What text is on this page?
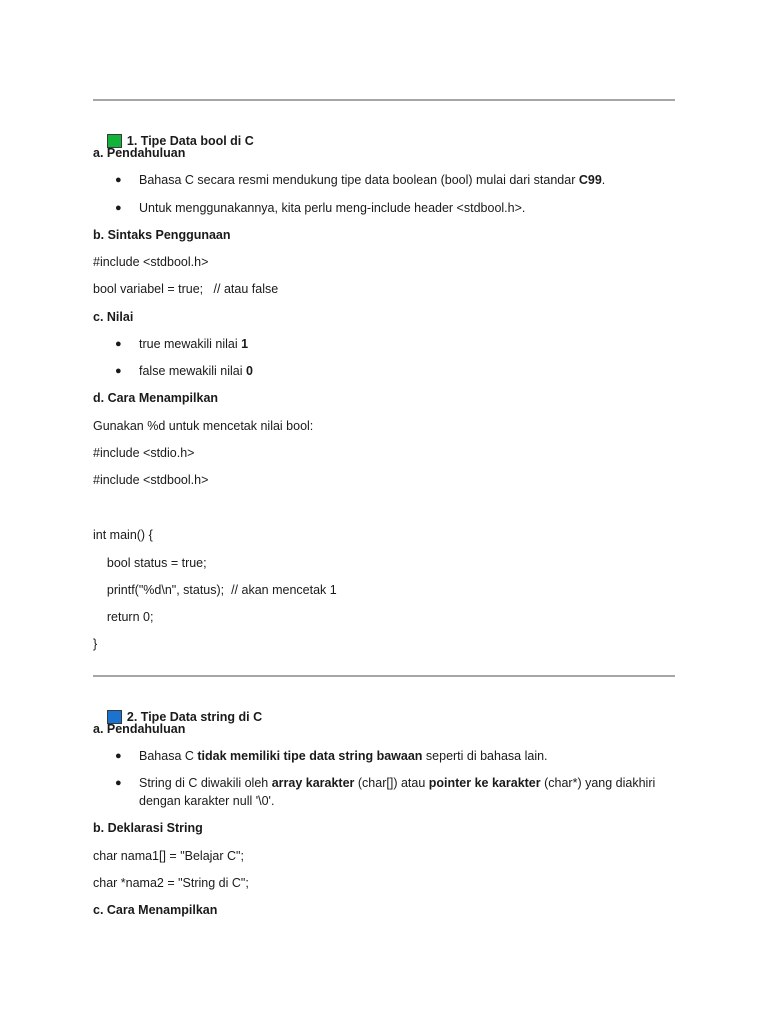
1. Tipe Data bool di C

a. Pendahuluan
● Bahasa C secara resmi mendukung tipe data boolean (bool) mulai dari standar C99.
● Untuk menggunakannya, kita perlu meng-include header <stdbool.h>.
b. Sintaks Penggunaan
#include <stdbool.h>
bool variabel = true;   // atau false
c. Nilai
● true mewakili nilai 1
● false mewakili nilai 0
d. Cara Menampilkan
Gunakan %d untuk mencetak nilai bool:
#include <stdio.h>
#include <stdbool.h>
int main() {
bool status = true;
printf("%d\n", status);  // akan mencetak 1
return 0;
}

2. Tipe Data string di C

a. Pendahuluan
● Bahasa C tidak memiliki tipe data string bawaan seperti di bahasa lain.
● String di C diwakili oleh array karakter (char[]) atau pointer ke karakter (char*) yang diakhiri dengan karakter null '\0'.
b. Deklarasi String
char nama1[] = "Belajar C";
char *nama2 = "String di C";
c. Cara Menampilkan
